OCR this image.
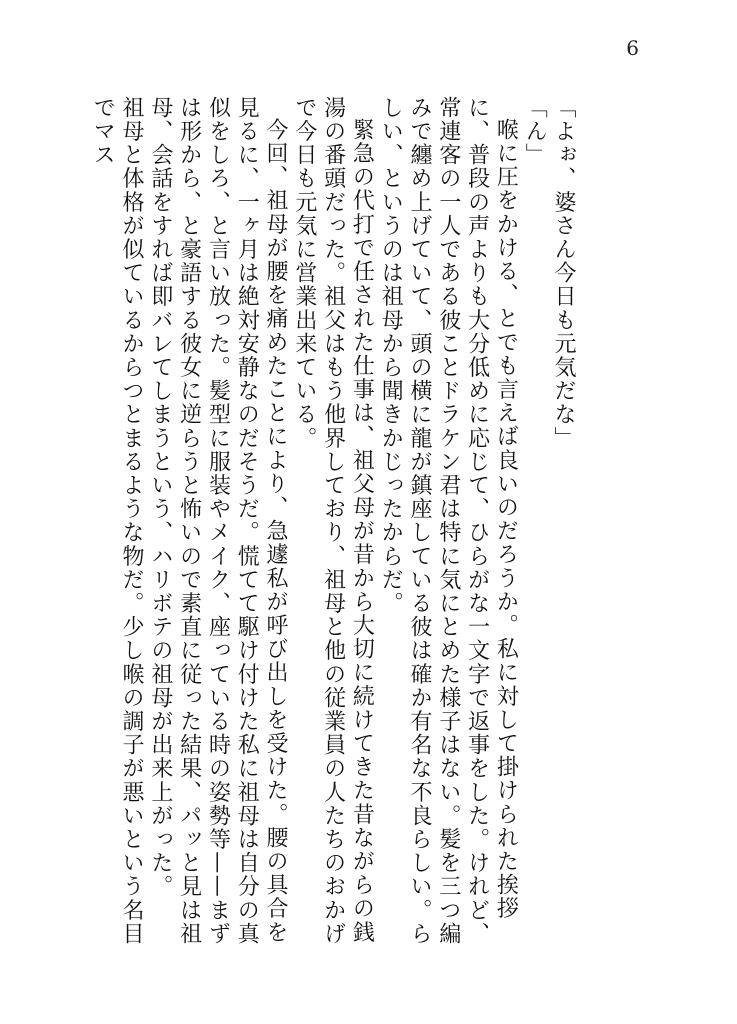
6

「よぉ、婆さん今日も元気だな」

「ん」

喉に圧をかける、とでも言えば良いのだろうか。私に対して掛けられた挨拶に、普段の声よりも大分低めに応じて、ひらがな一文字で返事をした。けれど、常連客の一人である彼ことドラケン君は特に気にとめた様子はない。髪を三つ編みで纏め上げていて、頭の横に龍が鎮座している彼は確か有名な不良らしい。らしい、というのは祖母から聞きかじったからだ。

緊急の代打で任された仕事は、祖父母が昔から大切に続けてきた昔ながらの銭湯の番頭だった。祖父はもう他界しており、祖母と他の従業員の人たちのおかげで今日も元気に営業出来ている。

今回、祖母が腰を痛めたことにより、急遽私が呼び出しを受けた。腰の具合を見るに、一ヶ月は絶対安静なのだそうだ。慌てて駆け付けた私に祖母は自分の真似をしろ、と言い放った。髪型に服装やメイク、座っている時の姿勢等——まずは形から、と豪語する彼女に逆らうと怖いので素直に従った結果、パッと見は祖母、会話をすれば即バレてしまうという、ハリボテの祖母が出来上がった。

祖母と体格が似ているからつとまるような物だ。少し喉の調子が悪いという名目でマス
